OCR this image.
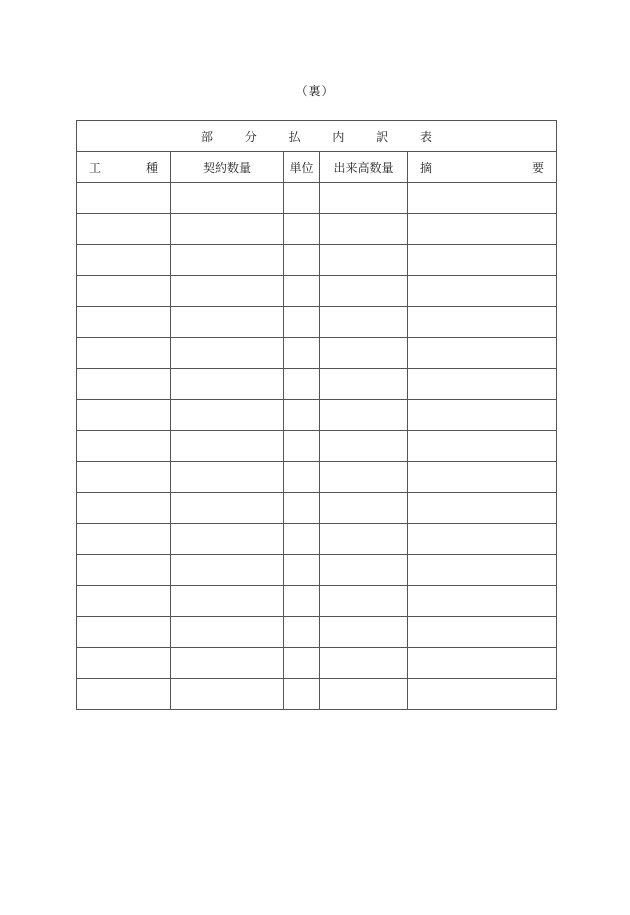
（裏）
部 分 払 内 訳 表				

工 種	契約数量	単位	出来高数量	摘 要
